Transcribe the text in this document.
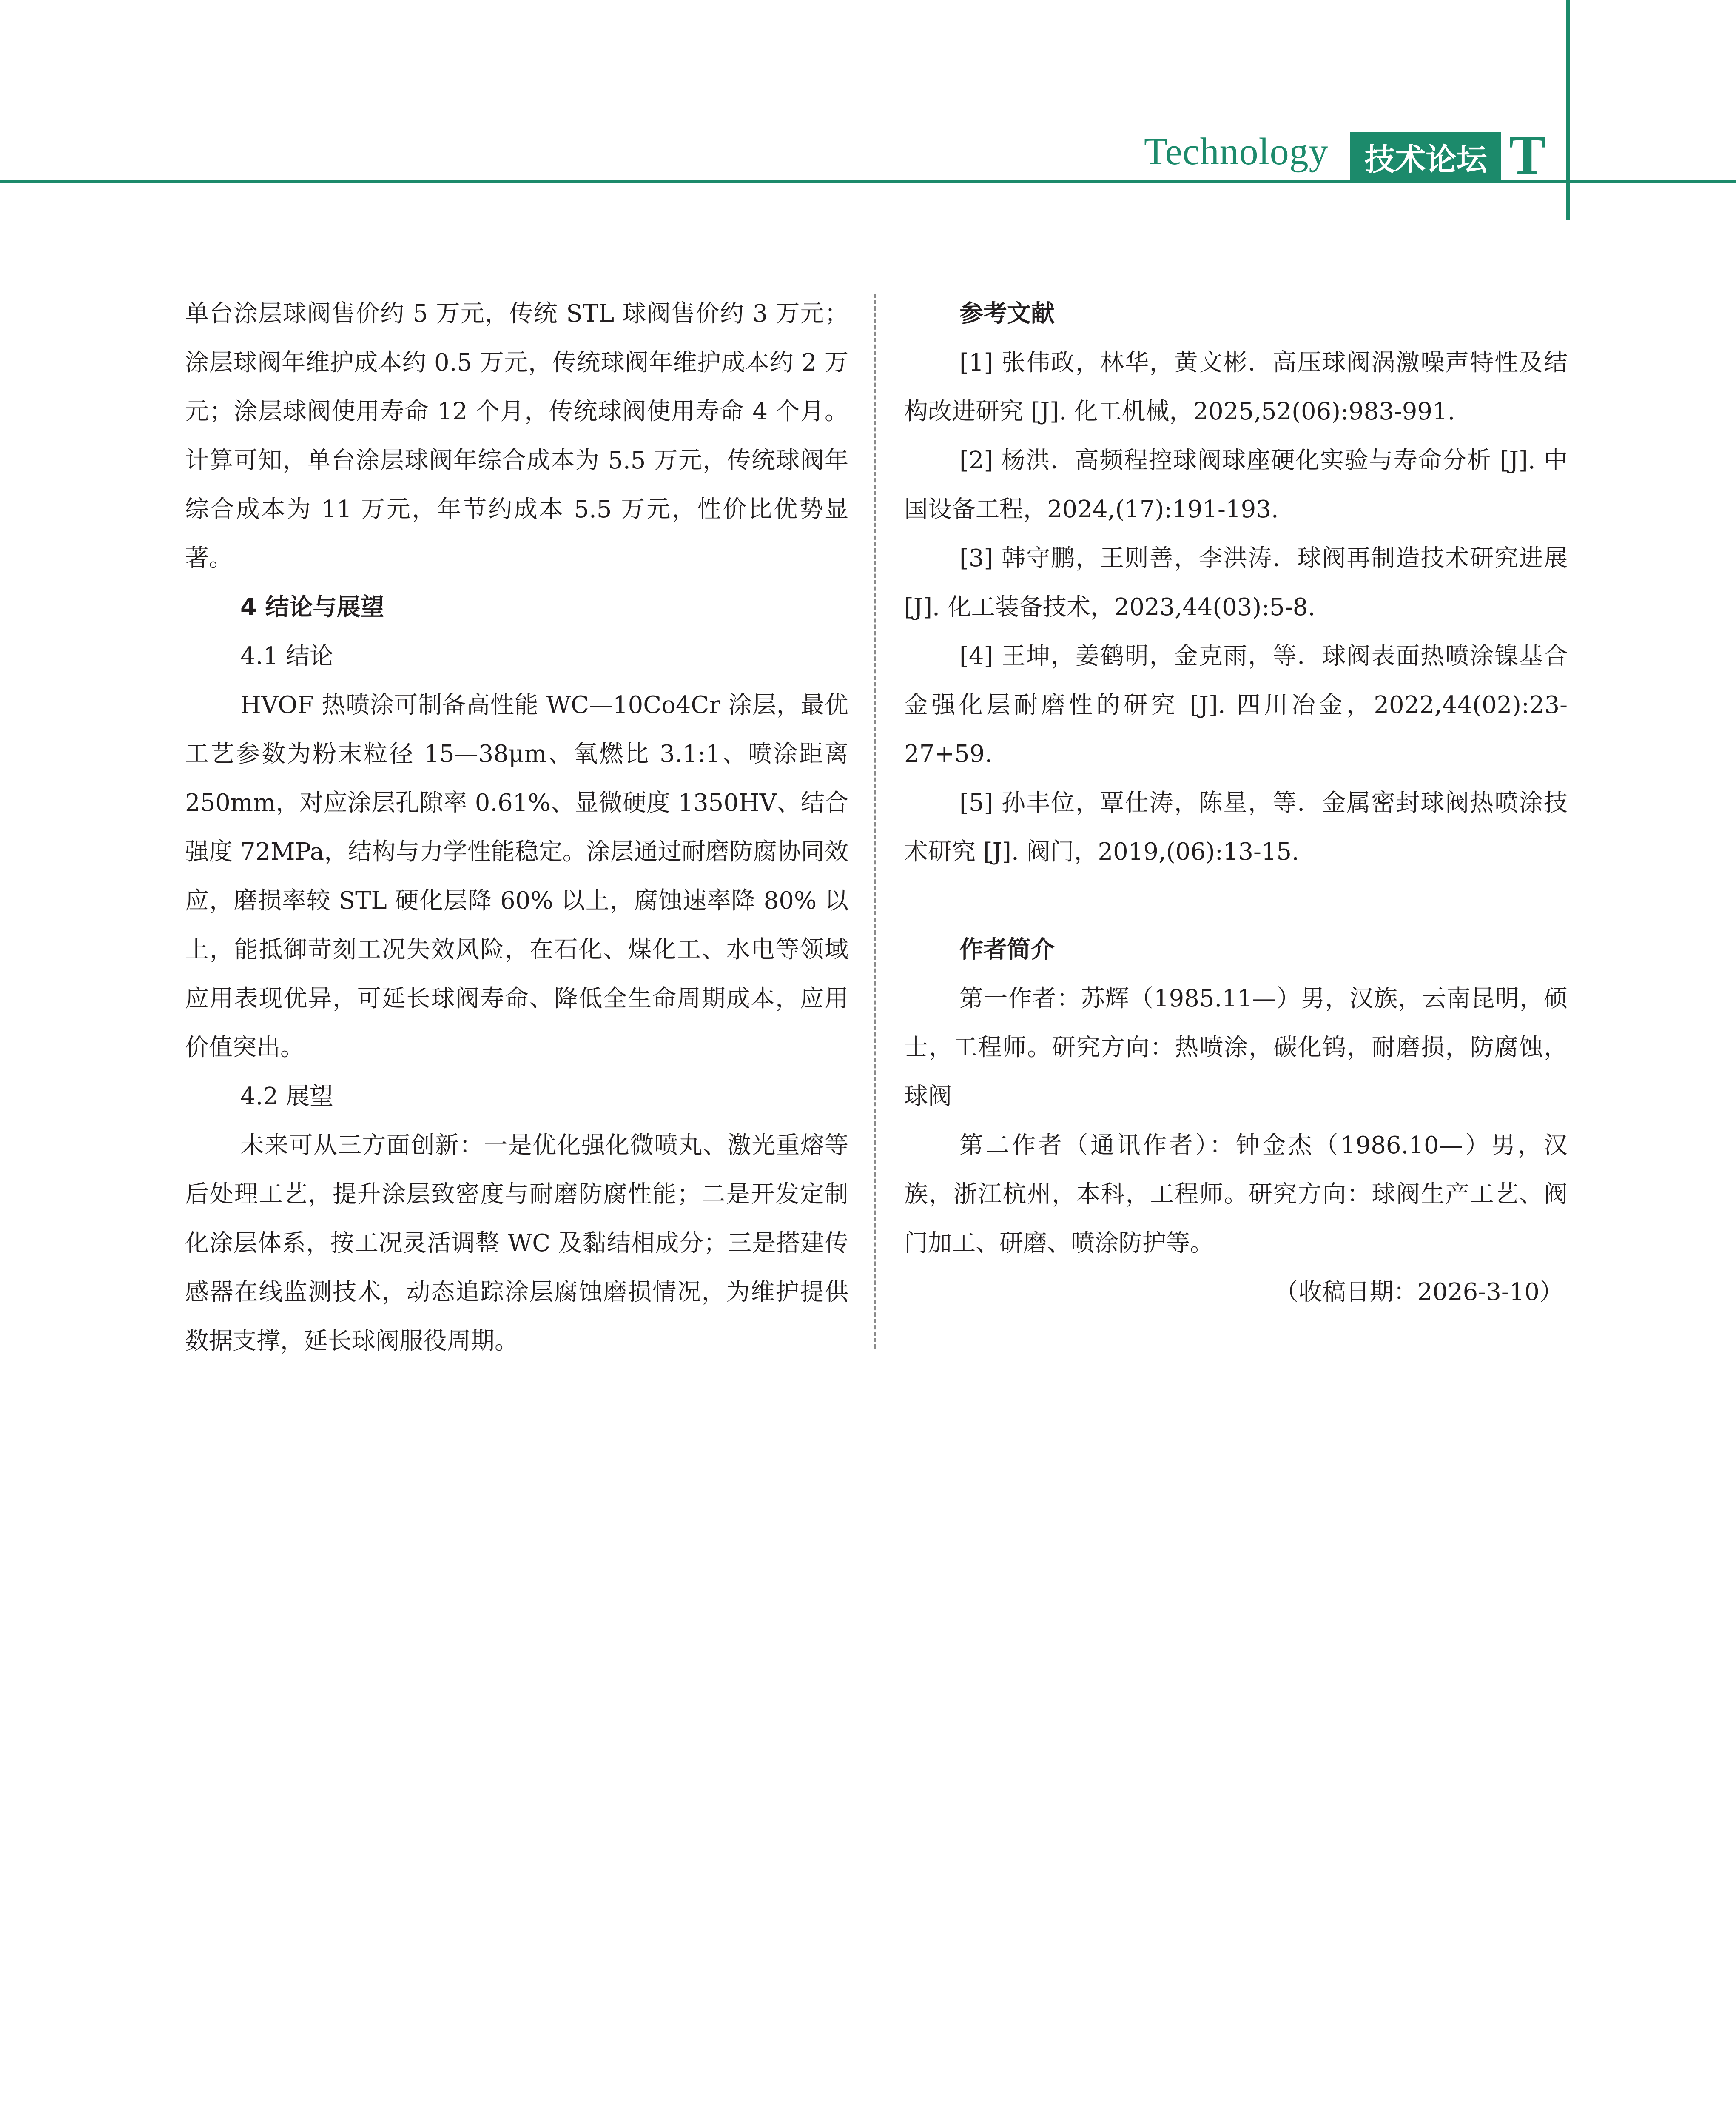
Technology	技术论坛 T

单台涂层球阀售价约 5 万元，传统 STL 球阀售价约 3 万元；涂层球阀年维护成本约 0.5 万元，传统球阀年维护成本约 2 万元；涂层球阀使用寿命 12 个月，传统球阀使用寿命 4 个月。计算可知，单台涂层球阀年综合成本为 5.5 万元，传统球阀年综合成本为 11 万元，年节约成本 5.5 万元，性价比优势显著。

4 结论与展望

4.1 结论

HVOF 热喷涂可制备高性能 WC—10Co4Cr 涂层，最优工艺参数为粉末粒径 15—38μm、氧燃比 3.1:1、喷涂距离 250mm，对应涂层孔隙率 0.61%、显微硬度 1350HV、结合强度 72MPa，结构与力学性能稳定。涂层通过耐磨防腐协同效应，磨损率较 STL 硬化层降 60% 以上，腐蚀速率降 80% 以上，能抵御苛刻工况失效风险，在石化、煤化工、水电等领域应用表现优异，可延长球阀寿命、降低全生命周期成本，应用价值突出。

4.2 展望

未来可从三方面创新：一是优化强化微喷丸、激光重熔等后处理工艺，提升涂层致密度与耐磨防腐性能；二是开发定制化涂层体系，按工况灵活调整 WC 及黏结相成分；三是搭建传感器在线监测技术，动态追踪涂层腐蚀磨损情况，为维护提供数据支撑，延长球阀服役周期。

参考文献

[1] 张伟政，林华，黄文彬．高压球阀涡激噪声特性及结构改进研究 [J]. 化工机械，2025,52(06):983-991.

[2] 杨洪．高频程控球阀球座硬化实验与寿命分析 [J]. 中国设备工程，2024,(17):191-193.

[3] 韩守鹏，王则善，李洪涛．球阀再制造技术研究进展 [J]. 化工装备技术，2023,44(03):5-8.

[4] 王坤，姜鹤明，金克雨，等．球阀表面热喷涂镍基合金强化层耐磨性的研究 [J]. 四川冶金，2022,44(02):23-27+59.

[5] 孙丰位，覃仕涛，陈星，等．金属密封球阀热喷涂技术研究 [J]. 阀门，2019,(06):13-15.

作者简介

第一作者：苏辉（1985.11—）男，汉族，云南昆明，硕士，工程师。研究方向：热喷涂，碳化钨，耐磨损，防腐蚀，球阀

第二作者（通讯作者）：钟金杰（1986.10—）男，汉族，浙江杭州，本科，工程师。研究方向：球阀生产工艺、阀门加工、研磨、喷涂防护等。

（收稿日期：2026-3-10）
